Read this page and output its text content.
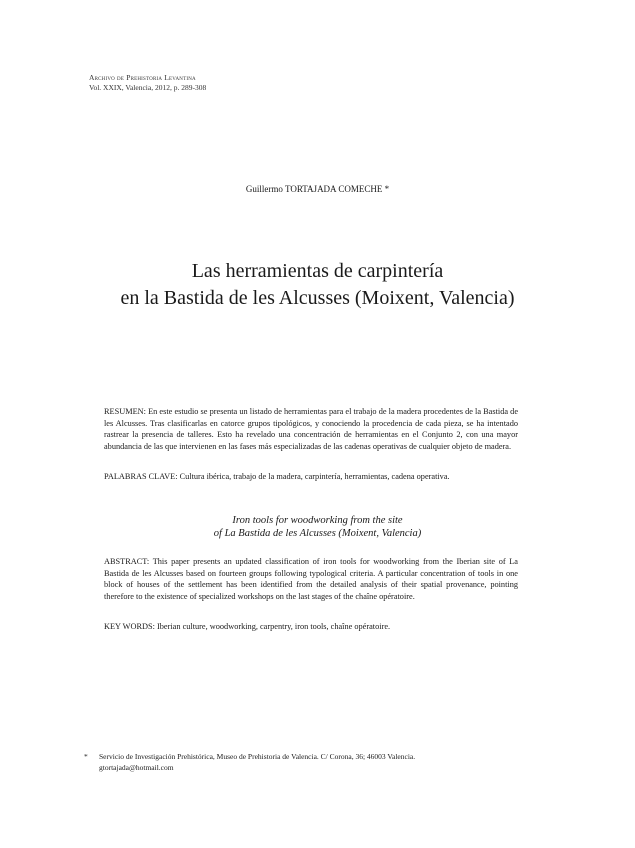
Archivo de Prehistoria Levantina
Vol. XXIX, Valencia, 2012, p. 289-308
Guillermo TORTAJADA COMECHE *
Las herramientas de carpintería
en la Bastida de les Alcusses (Moixent, Valencia)
RESUMEN: En este estudio se presenta un listado de herramientas para el trabajo de la madera procedentes de la Bastida de les Alcusses. Tras clasificarlas en catorce grupos tipológicos, y conociendo la procedencia de cada pieza, se ha intentado rastrear la presencia de talleres. Esto ha revelado una concentración de herramientas en el Conjunto 2, con una mayor abundancia de las que intervienen en las fases más especializadas de las cadenas operativas de cualquier objeto de madera.
PALABRAS CLAVE: Cultura ibérica, trabajo de la madera, carpintería, herramientas, cadena operativa.
Iron tools for woodworking from the site
of La Bastida de les Alcusses (Moixent, Valencia)
ABSTRACT: This paper presents an updated classification of iron tools for woodworking from the Iberian site of La Bastida de les Alcusses based on fourteen groups following typological criteria. A particular concentration of tools in one block of houses of the settlement has been identified from the detailed analysis of their spatial provenance, pointing therefore to the existence of specialized workshops on the last stages of the chaîne opératoire.
KEY WORDS: Iberian culture, woodworking, carpentry, iron tools, chaîne opératoire.
* Servicio de Investigación Prehistórica, Museo de Prehistoria de Valencia. C/ Corona, 36; 46003 Valencia.
gtortajada@hotmail.com
